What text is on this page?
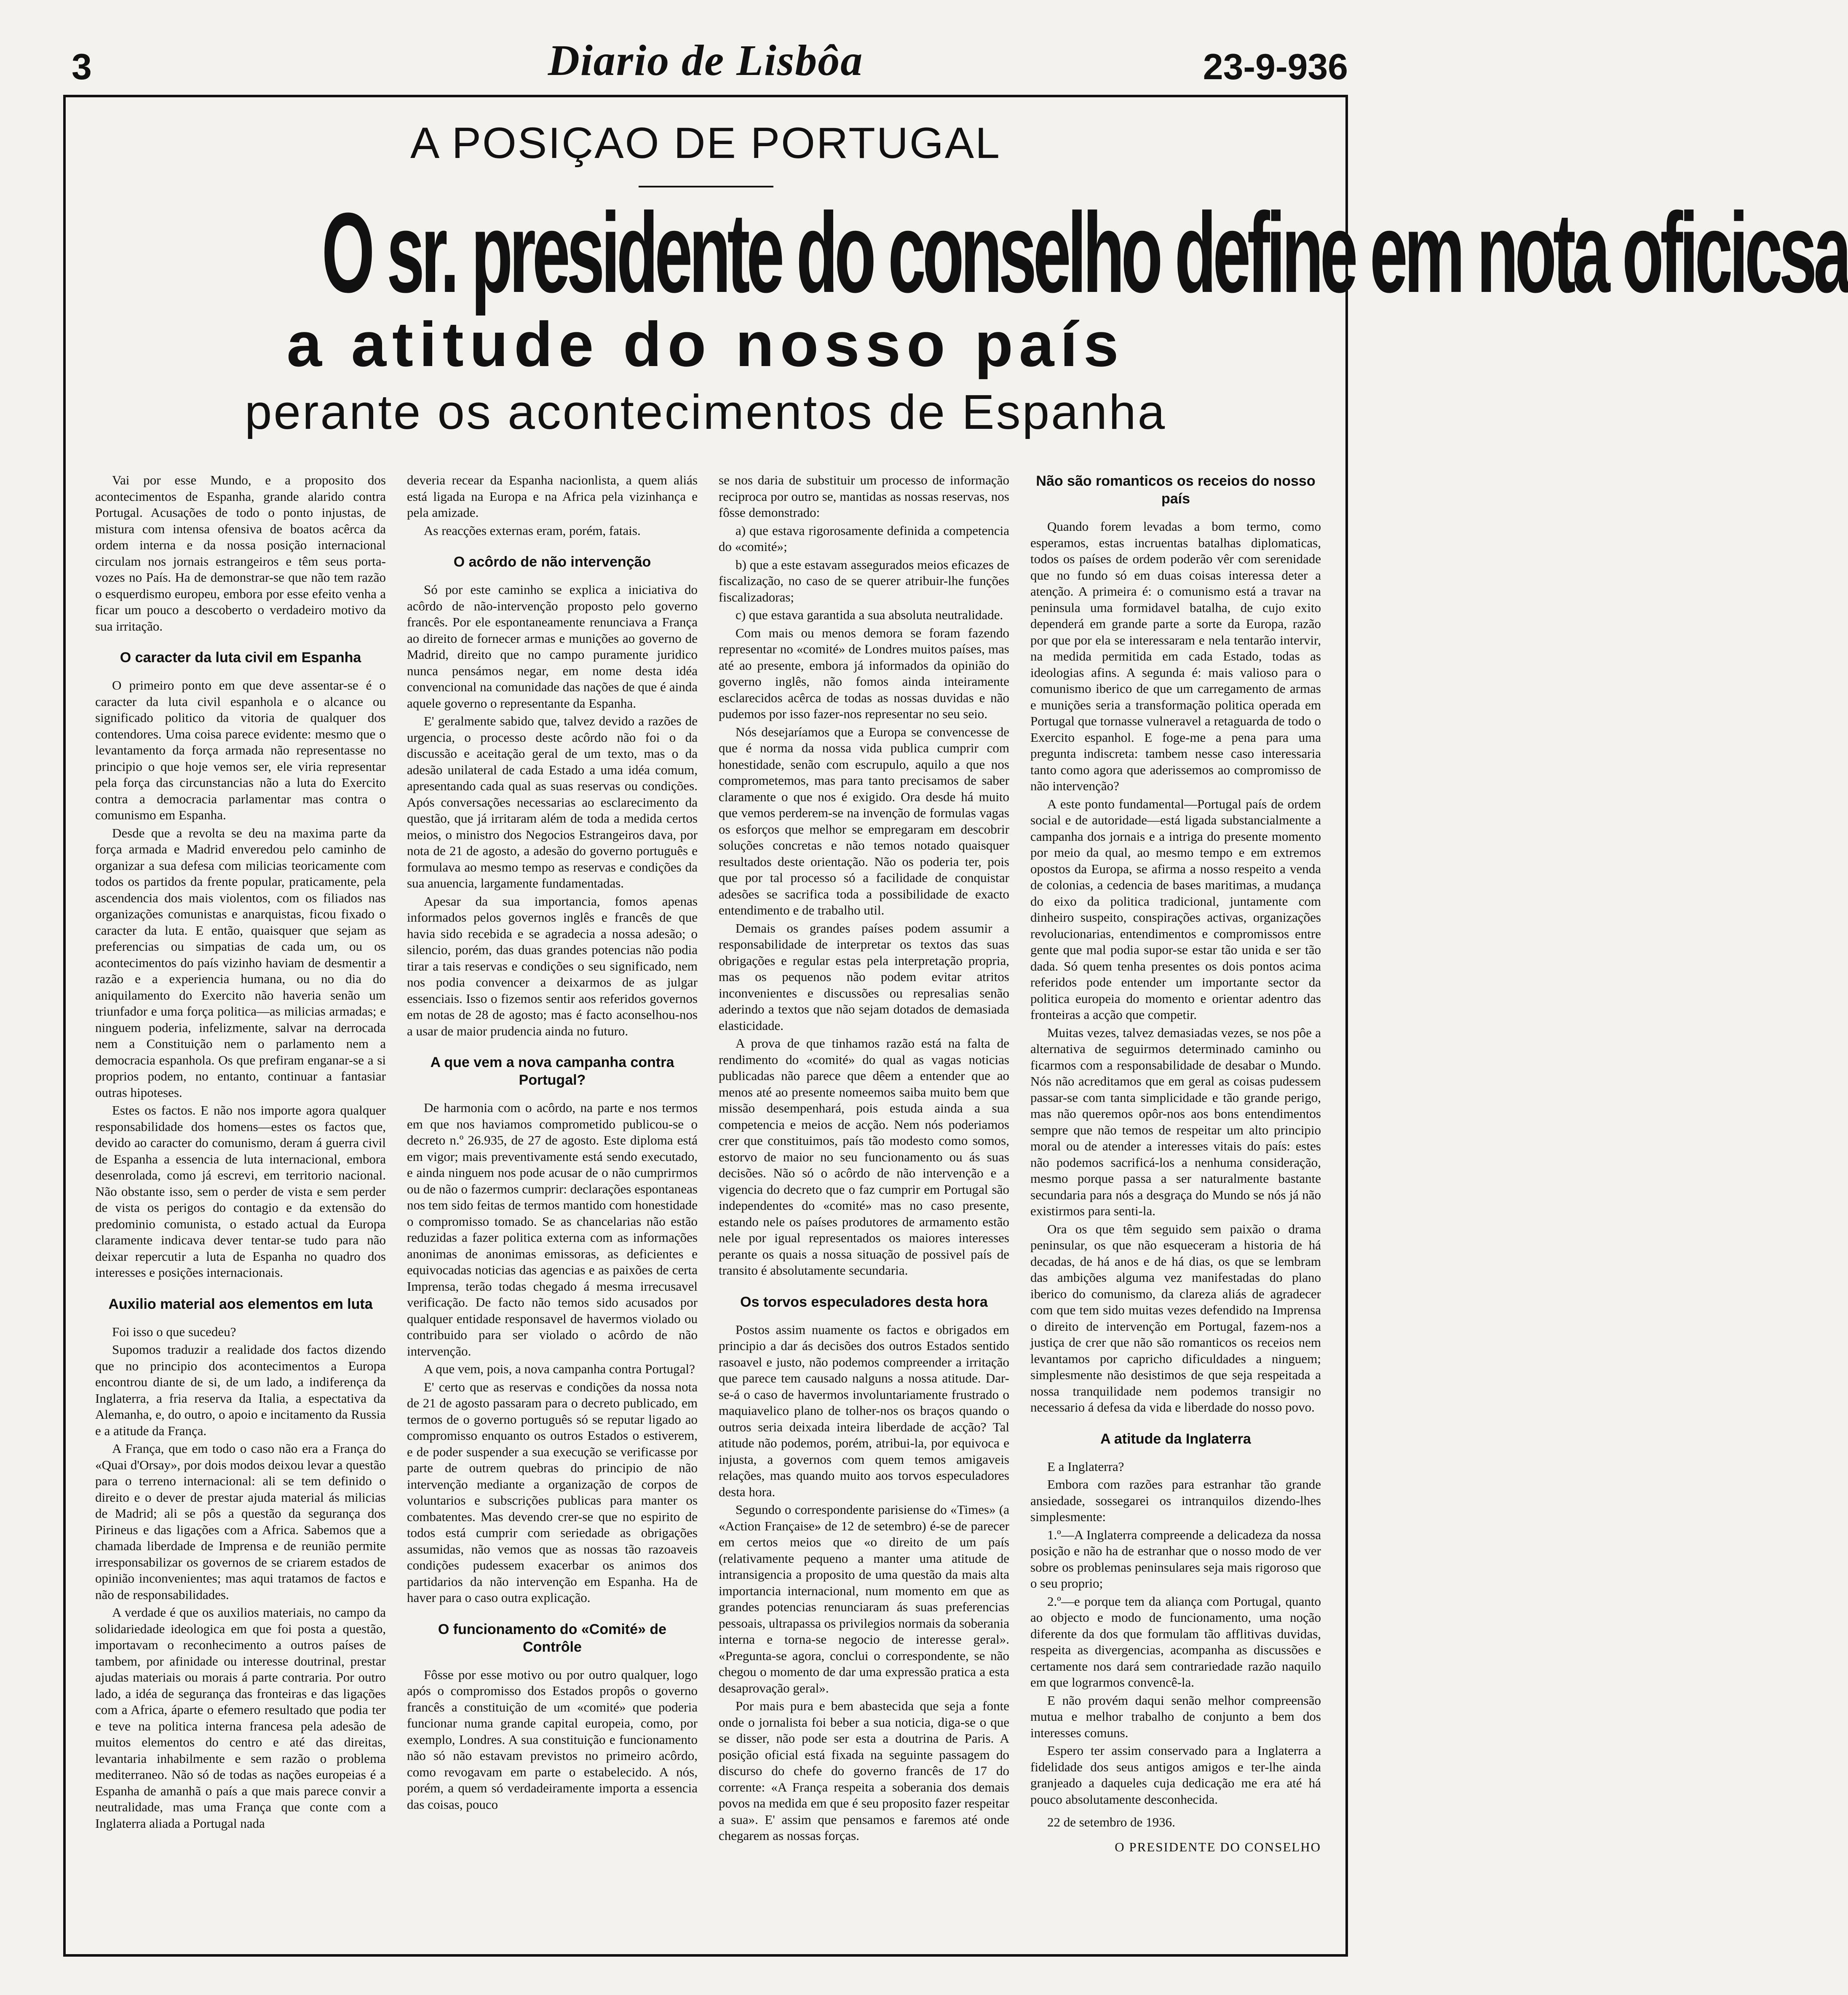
3	Diario de Lisbôa	23-9-936
A POSIÇAO DE PORTUGAL
O sr. presidente do conselho define em nota oficicsa
a atitude do nosso país
perante os acontecimentos de Espanha

Vai por esse Mundo, e a proposito dos acontecimentos de Espanha, grande alarido contra Portugal. Acusações de todo o ponto injustas, de mistura com intensa ofensiva de boatos acêrca da ordem interna e da nossa posição internacional circulam nos jornais estrangeiros e têm seus porta-vozes no País. Ha de demonstrar-se que não tem razão o esquerdismo europeu, embora por esse efeito venha a ficar um pouco a descoberto o verdadeiro motivo da sua irritação.

O caracter da luta civil em Espanha

O primeiro ponto em que deve assentar-se é o caracter da luta civil espanhola e o alcance ou significado politico da vitoria de qualquer dos contendores. Uma coisa parece evidente: mesmo que o levantamento da força armada não representasse no principio o que hoje vemos ser, ele viria representar pela força das circunstancias não a luta do Exercito contra a democracia parlamentar mas contra o comunismo em Espanha.

Desde que a revolta se deu na maxima parte da força armada e Madrid enveredou pelo caminho de organizar a sua defesa com milicias teoricamente com todos os partidos da frente popular, praticamente, pela ascendencia dos mais violentos, com os filiados nas organizações comunistas e anarquistas, ficou fixado o caracter da luta. E então, quaisquer que sejam as preferencias ou simpatias de cada um, ou os acontecimentos do país vizinho haviam de desmentir a razão e a experiencia humana, ou no dia do aniquilamento do Exercito não haveria senão um triunfador e uma força politica—as milicias armadas; e ninguem poderia, infelizmente, salvar na derrocada nem a Constituição nem o parlamento nem a democracia espanhola. Os que prefiram enganar-se a si proprios podem, no entanto, continuar a fantasiar outras hipoteses.

Estes os factos. E não nos importe agora qualquer responsabilidade dos homens—estes os factos que, devido ao caracter do comunismo, deram á guerra civil de Espanha a essencia de luta internacional, embora desenrolada, como já escrevi, em territorio nacional. Não obstante isso, sem o perder de vista e sem perder de vista os perigos do contagio e da extensão do predominio comunista, o estado actual da Europa claramente indicava dever tentar-se tudo para não deixar repercutir a luta de Espanha no quadro dos interesses e posições internacionais.

Auxilio material aos elementos em luta

Foi isso o que sucedeu?

Supomos traduzir a realidade dos factos dizendo que no principio dos acontecimentos a Europa encontrou diante de si, de um lado, a indiferença da Inglaterra, a fria reserva da Italia, a espectativa da Alemanha, e, do outro, o apoio e incitamento da Russia e a atitude da França.

A França, que em todo o caso não era a França do «Quai d'Orsay», por dois modos deixou levar a questão para o terreno internacional: ali se tem definido o direito e o dever de prestar ajuda material ás milicias de Madrid; ali se pôs a questão da segurança dos Pirineus e das ligações com a Africa. Sabemos que a chamada liberdade de Imprensa e de reunião permite irresponsabilizar os governos de se criarem estados de opinião inconvenientes; mas aqui tratamos de factos e não de responsabilidades.

A verdade é que os auxilios materiais, no campo da solidariedade ideologica em que foi posta a questão, importavam o reconhecimento a outros países de tambem, por afinidade ou interesse doutrinal, prestar ajudas materiais ou morais á parte contraria. Por outro lado, a idéa de segurança das fronteiras e das ligações com a Africa, áparte o efemero resultado que podia ter e teve na politica interna francesa pela adesão de muitos elementos do centro e até das direitas, levantaria inhabilmente e sem razão o problema mediterraneo. Não só de todas as nações europeias é a Espanha de amanhã o país a que mais parece convir a neutralidade, mas uma França que conte com a Inglaterra aliada a Portugal nada

deveria recear da Espanha nacionlista, a quem aliás está ligada na Europa e na Africa pela vizinhança e pela amizade.

As reacções externas eram, porém, fatais.

O acôrdo de não intervenção

Só por este caminho se explica a iniciativa do acôrdo de não-intervenção proposto pelo governo francês. Por ele espontaneamente renunciava a França ao direito de fornecer armas e munições ao governo de Madrid, direito que no campo puramente juridico nunca pensámos negar, em nome desta idéa convencional na comunidade das nações de que é ainda aquele governo o representante da Espanha.

E' geralmente sabido que, talvez devido a razões de urgencia, o processo deste acôrdo não foi o da discussão e aceitação geral de um texto, mas o da adesão unilateral de cada Estado a uma idéa comum, apresentando cada qual as suas reservas ou condições. Após conversações necessarias ao esclarecimento da questão, que já irritaram além de toda a medida certos meios, o ministro dos Negocios Estrangeiros dava, por nota de 21 de agosto, a adesão do governo português e formulava ao mesmo tempo as reservas e condições da sua anuencia, largamente fundamentadas.

Apesar da sua importancia, fomos apenas informados pelos governos inglês e francês de que havia sido recebida e se agradecia a nossa adesão; o silencio, porém, das duas grandes potencias não podia tirar a tais reservas e condições o seu significado, nem nos podia convencer a deixarmos de as julgar essenciais. Isso o fizemos sentir aos referidos governos em notas de 28 de agosto; mas é facto aconselhou-nos a usar de maior prudencia ainda no futuro.

A que vem a nova campanha contra Portugal?

De harmonia com o acôrdo, na parte e nos termos em que nos haviamos comprometido publicou-se o decreto n.º 26.935, de 27 de agosto. Este diploma está em vigor; mais preventivamente está sendo executado, e ainda ninguem nos pode acusar de o não cumprirmos ou de não o fazermos cumprir: declarações espontaneas nos tem sido feitas de termos mantido com honestidade o compromisso tomado. Se as chancelarias não estão reduzidas a fazer politica externa com as informações anonimas de anonimas emissoras, as deficientes e equivocadas noticias das agencias e as paixões de certa Imprensa, terão todas chegado á mesma irrecusavel verificação. De facto não temos sido acusados por qualquer entidade responsavel de havermos violado ou contribuido para ser violado o acôrdo de não intervenção.

A que vem, pois, a nova campanha contra Portugal?

E' certo que as reservas e condições da nossa nota de 21 de agosto passaram para o decreto publicado, em termos de o governo português só se reputar ligado ao compromisso enquanto os outros Estados o estiverem, e de poder suspender a sua execução se verificasse por parte de outrem quebras do principio de não intervenção mediante a organização de corpos de voluntarios e subscrições publicas para manter os combatentes. Mas devendo crer-se que no espirito de todos está cumprir com seriedade as obrigações assumidas, não vemos que as nossas tão razoaveis condições pudessem exacerbar os animos dos partidarios da não intervenção em Espanha. Ha de haver para o caso outra explicação.

O funcionamento do «Comité» de Contrôle

Fôsse por esse motivo ou por outro qualquer, logo após o compromisso dos Estados propôs o governo francês a constituição de um «comité» que poderia funcionar numa grande capital europeia, como, por exemplo, Londres. A sua constituição e funcionamento não só não estavam previstos no primeiro acôrdo, como revogavam em parte o estabelecido. A nós, porém, a quem só verdadeiramente importa a essencia das coisas, pouco

se nos daria de substituir um processo de informação reciproca por outro se, mantidas as nossas reservas, nos fôsse demonstrado:

a) que estava rigorosamente definida a competencia do «comité»;

b) que a este estavam assegurados meios eficazes de fiscalização, no caso de se querer atribuir-lhe funções fiscalizadoras;

c) que estava garantida a sua absoluta neutralidade.

Com mais ou menos demora se foram fazendo representar no «comité» de Londres muitos países, mas até ao presente, embora já informados da opinião do governo inglês, não fomos ainda inteiramente esclarecidos acêrca de todas as nossas duvidas e não pudemos por isso fazer-nos representar no seu seio.

Nós desejaríamos que a Europa se convencesse de que é norma da nossa vida publica cumprir com honestidade, senão com escrupulo, aquilo a que nos comprometemos, mas para tanto precisamos de saber claramente o que nos é exigido. Ora desde há muito que vemos perderem-se na invenção de formulas vagas os esforços que melhor se empregaram em descobrir soluções concretas e não temos notado quaisquer resultados deste orientação. Não os poderia ter, pois que por tal processo só a facilidade de conquistar adesões se sacrifica toda a possibilidade de exacto entendimento e de trabalho util.

Demais os grandes países podem assumir a responsabilidade de interpretar os textos das suas obrigações e regular estas pela interpretação propria, mas os pequenos não podem evitar atritos inconvenientes e discussões ou represalias senão aderindo a textos que não sejam dotados de demasiada elasticidade.

A prova de que tinhamos razão está na falta de rendimento do «comité» do qual as vagas noticias publicadas não parece que dêem a entender que ao menos até ao presente nomeemos saiba muito bem que missão desempenhará, pois estuda ainda a sua competencia e meios de acção. Nem nós poderiamos crer que constituimos, país tão modesto como somos, estorvo de maior no seu funcionamento ou ás suas decisões. Não só o acôrdo de não intervenção e a vigencia do decreto que o faz cumprir em Portugal são independentes do «comité» mas no caso presente, estando nele os países produtores de armamento estão nele por igual representados os maiores interesses perante os quais a nossa situação de possivel país de transito é absolutamente secundaria.

Os torvos especuladores desta hora

Postos assim nuamente os factos e obrigados em principio a dar ás decisões dos outros Estados sentido rasoavel e justo, não podemos compreender a irritação que parece tem causado nalguns a nossa atitude. Dar-se-á o caso de havermos involuntariamente frustrado o maquiavelico plano de tolher-nos os braços quando o outros seria deixada inteira liberdade de acção? Tal atitude não podemos, porém, atribui-la, por equivoca e injusta, a governos com quem temos amigaveis relações, mas quando muito aos torvos especuladores desta hora.

Segundo o correspondente parisiense do «Times» (a «Action Française» de 12 de setembro) é-se de parecer em certos meios que «o direito de um país (relativamente pequeno a manter uma atitude de intransigencia a proposito de uma questão da mais alta importancia internacional, num momento em que as grandes potencias renunciaram ás suas preferencias pessoais, ultrapassa os privilegios normais da soberania interna e torna-se negocio de interesse geral». «Pregunta-se agora, conclui o correspondente, se não chegou o momento de dar uma expressão pratica a esta desaprovação geral».

Por mais pura e bem abastecida que seja a fonte onde o jornalista foi beber a sua noticia, diga-se o que se disser, não pode ser esta a doutrina de Paris. A posição oficial está fixada na seguinte passagem do discurso do chefe do governo francês de 17 do corrente: «A França respeita a soberania dos demais povos na medida em que é seu proposito fazer respeitar a sua». E' assim que pensamos e faremos até onde chegarem as nossas forças.

Não são romanticos os receios do nosso país

Quando forem levadas a bom termo, como esperamos, estas incruentas batalhas diplomaticas, todos os países de ordem poderão vêr com serenidade que no fundo só em duas coisas interessa deter a atenção. A primeira é: o comunismo está a travar na peninsula uma formidavel batalha, de cujo exito dependerá em grande parte a sorte da Europa, razão por que por ela se interessaram e nela tentarão intervir, na medida permitida em cada Estado, todas as ideologias afins. A segunda é: mais valioso para o comunismo iberico de que um carregamento de armas e munições seria a transformação politica operada em Portugal que tornasse vulneravel a retaguarda de todo o Exercito espanhol. E foge-me a pena para uma pregunta indiscreta: tambem nesse caso interessaria tanto como agora que aderissemos ao compromisso de não intervenção?

A este ponto fundamental—Portugal país de ordem social e de autoridade—está ligada substancialmente a campanha dos jornais e a intriga do presente momento por meio da qual, ao mesmo tempo e em extremos opostos da Europa, se afirma a nosso respeito a venda de colonias, a cedencia de bases maritimas, a mudança do eixo da politica tradicional, juntamente com dinheiro suspeito, conspirações activas, organizações revolucionarias, entendimentos e compromissos entre gente que mal podia supor-se estar tão unida e ser tão dada. Só quem tenha presentes os dois pontos acima referidos pode entender um importante sector da politica europeia do momento e orientar adentro das fronteiras a acção que competir.

Muitas vezes, talvez demasiadas vezes, se nos pôe a alternativa de seguirmos determinado caminho ou ficarmos com a responsabilidade de desabar o Mundo. Nós não acreditamos que em geral as coisas pudessem passar-se com tanta simplicidade e tão grande perigo, mas não queremos opôr-nos aos bons entendimentos sempre que não temos de respeitar um alto principio moral ou de atender a interesses vitais do país: estes não podemos sacrificá-los a nenhuma consideração, mesmo porque passa a ser naturalmente bastante secundaria para nós a desgraça do Mundo se nós já não existirmos para senti-la.

Ora os que têm seguido sem paixão o drama peninsular, os que não esqueceram a historia de há decadas, de há anos e de há dias, os que se lembram das ambições alguma vez manifestadas do plano iberico do comunismo, da clareza aliás de agradecer com que tem sido muitas vezes defendido na Imprensa o direito de intervenção em Portugal, fazem-nos a justiça de crer que não são romanticos os receios nem levantamos por capricho dificuldades a ninguem; simplesmente não desistimos de que seja respeitada a nossa tranquilidade nem podemos transigir no necessario á defesa da vida e liberdade do nosso povo.

A atitude da Inglaterra

E a Inglaterra?

Embora com razões para estranhar tão grande ansiedade, sossegarei os intranquilos dizendo-lhes simplesmente:

1.º—A Inglaterra compreende a delicadeza da nossa posição e não ha de estranhar que o nosso modo de ver sobre os problemas peninsulares seja mais rigoroso que o seu proprio;

2.º—e porque tem da aliança com Portugal, quanto ao objecto e modo de funcionamento, uma noção diferente da dos que formulam tão afflitivas duvidas, respeita as divergencias, acompanha as discussões e certamente nos dará sem contrariedade razão naquilo em que lograrmos convencê-la.

E não provém daqui senão melhor compreensão mutua e melhor trabalho de conjunto a bem dos interesses comuns.

Espero ter assim conservado para a Inglaterra a fidelidade dos seus antigos amigos e ter-lhe ainda granjeado a daqueles cuja dedicação me era até há pouco absolutamente desconhecida.

22 de setembro de 1936.

O PRESIDENTE DO CONSELHO
